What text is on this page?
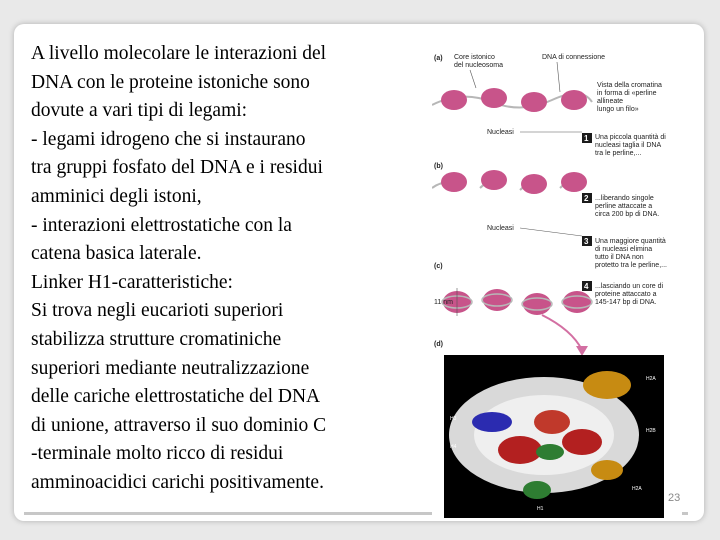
A livello molecolare le interazioni del
DNA con le proteine istoniche sono
dovute a vari tipi di legami:
- legami idrogeno che si instaurano
tra gruppi fosfato del DNA e i residui
amminici degli istoni,
- interazioni elettrostatiche con la
catena basica laterale.
Linker H1-caratteristiche:
Si trova negli eucarioti superiori
stabilizza strutture cromatiniche
superiori mediante neutralizzazione
delle cariche elettrostatiche del DNA
di unione, attraverso il suo dominio C
-terminale molto ricco di residui
amminoacidici carichi positivamente.

(a)
(b)
(c)
(d)
Core istonico
del nucleosoma
DNA di connessione
Vista della cromatina
in forma di «perline
allineate
lungo un filo»
Nucleasi
1 Una piccola quantità di
nucleasi taglia il DNA
tra le perline,...
2 ...liberando singole
perline attaccate a
circa 200 bp di DNA.
Nucleasi
3 Una maggiore quantità
di nucleasi elimina
tutto il DNA non
protetto tra le perline,...
11 nm
4 ...lasciando un core di
proteine attaccato a
145-147 bp di DNA.
H2A
H3
H2B
H4
H2A
H1
23
